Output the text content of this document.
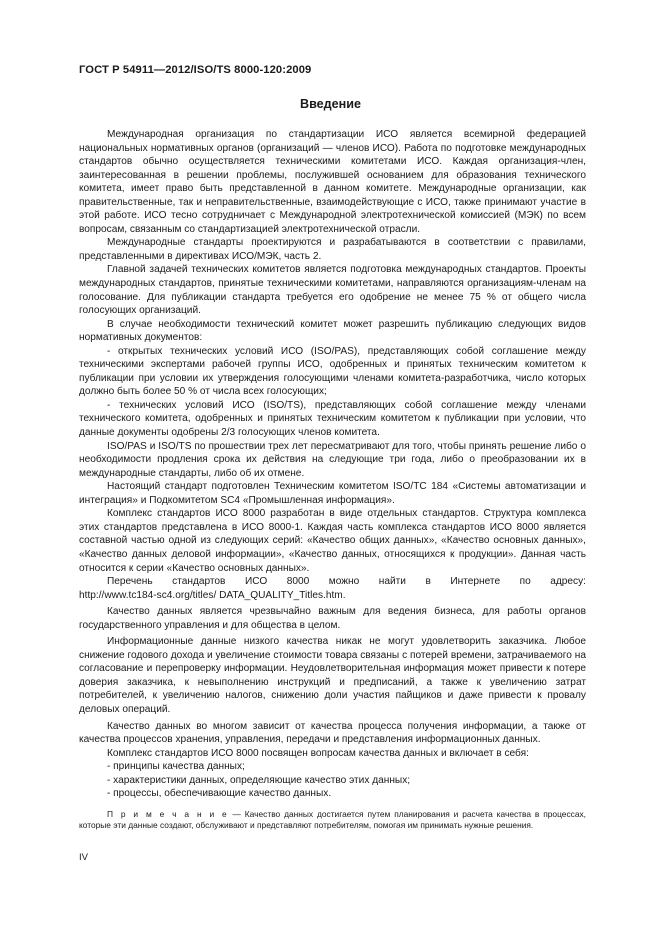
ГОСТ Р 54911—2012/ISO/TS 8000-120:2009
Введение

Международная организация по стандартизации ИСО является всемирной федерацией национальных нормативных органов (организаций — членов ИСО). Работа по подготовке международных стандартов обычно осуществляется техническими комитетами ИСО. Каждая организация-член, заинтересованная в решении проблемы, послужившей основанием для образования технического комитета, имеет право быть представленной в данном комитете. Международные организации, как правительственные, так и неправительственные, взаимодействующие с ИСО, также принимают участие в этой работе. ИСО тесно сотрудничает с Международной электротехнической комиссией (МЭК) по всем вопросам, связанным со стандартизацией электротехнической отрасли.

Международные стандарты проектируются и разрабатываются в соответствии с правилами, представленными в директивах ИСО/МЭК, часть 2.

Главной задачей технических комитетов является подготовка международных стандартов. Проекты международных стандартов, принятые техническими комитетами, направляются организациям-членам на голосование. Для публикации стандарта требуется его одобрение не менее 75 % от общего числа голосующих организаций.

В случае необходимости технический комитет может разрешить публикацию следующих видов нормативных документов:

- открытых технических условий ИСО (ISO/PAS), представляющих собой соглашение между техническими экспертами рабочей группы ИСО, одобренных и принятых техническим комитетом к публикации при условии их утверждения голосующими членами комитета-разработчика, число которых должно быть более 50 % от числа всех голосующих;

- технических условий ИСО (ISO/TS), представляющих собой соглашение между членами технического комитета, одобренных и принятых техническим комитетом к публикации при условии, что данные документы одобрены 2/3 голосующих членов комитета.

ISO/PAS и ISO/TS по прошествии трех лет пересматривают для того, чтобы принять решение либо о необходимости продления срока их действия на следующие три года, либо о преобразовании их в международные стандарты, либо об их отмене.

Настоящий стандарт подготовлен Техническим комитетом ISO/TC 184 «Системы автоматизации и интеграция» и Подкомитетом SC4 «Промышленная информация».

Комплекс стандартов ИСО 8000 разработан в виде отдельных стандартов. Структура комплекса этих стандартов представлена в ИСО 8000-1. Каждая часть комплекса стандартов ИСО 8000 является составной частью одной из следующих серий: «Качество общих данных», «Качество основных данных», «Качество данных деловой информации», «Качество данных, относящихся к продукции». Данная часть относится к серии «Качество основных данных».

Перечень стандартов ИСО 8000 можно найти в Интернете по адресу:

http://www.tc184-sc4.org/titles/ DATA_QUALITY_Titles.htm.

Качество данных является чрезвычайно важным для ведения бизнеса, для работы органов государственного управления и для общества в целом.

Информационные данные низкого качества никак не могут удовлетворить заказчика. Любое снижение годового дохода и увеличение стоимости товара связаны с потерей времени, затрачиваемого на согласование и перепроверку информации. Неудовлетворительная информация может привести к потере доверия заказчика, к невыполнению инструкций и предписаний, а также к увеличению затрат потребителей, к увеличению налогов, снижению доли участия пайщиков и даже привести к провалу деловых операций.

Качество данных во многом зависит от качества процесса получения информации, а также от качества процессов хранения, управления, передачи и представления информационных данных.

Комплекс стандартов ИСО 8000 посвящен вопросам качества данных и включает в себя:

- принципы качества данных;

- характеристики данных, определяющие качество этих данных;

- процессы, обеспечивающие качество данных.

П р и м е ч а н и е — Качество данных достигается путем планирования и расчета качества в процессах, которые эти данные создают, обслуживают и представляют потребителям, помогая им принимать нужные решения.
IV
